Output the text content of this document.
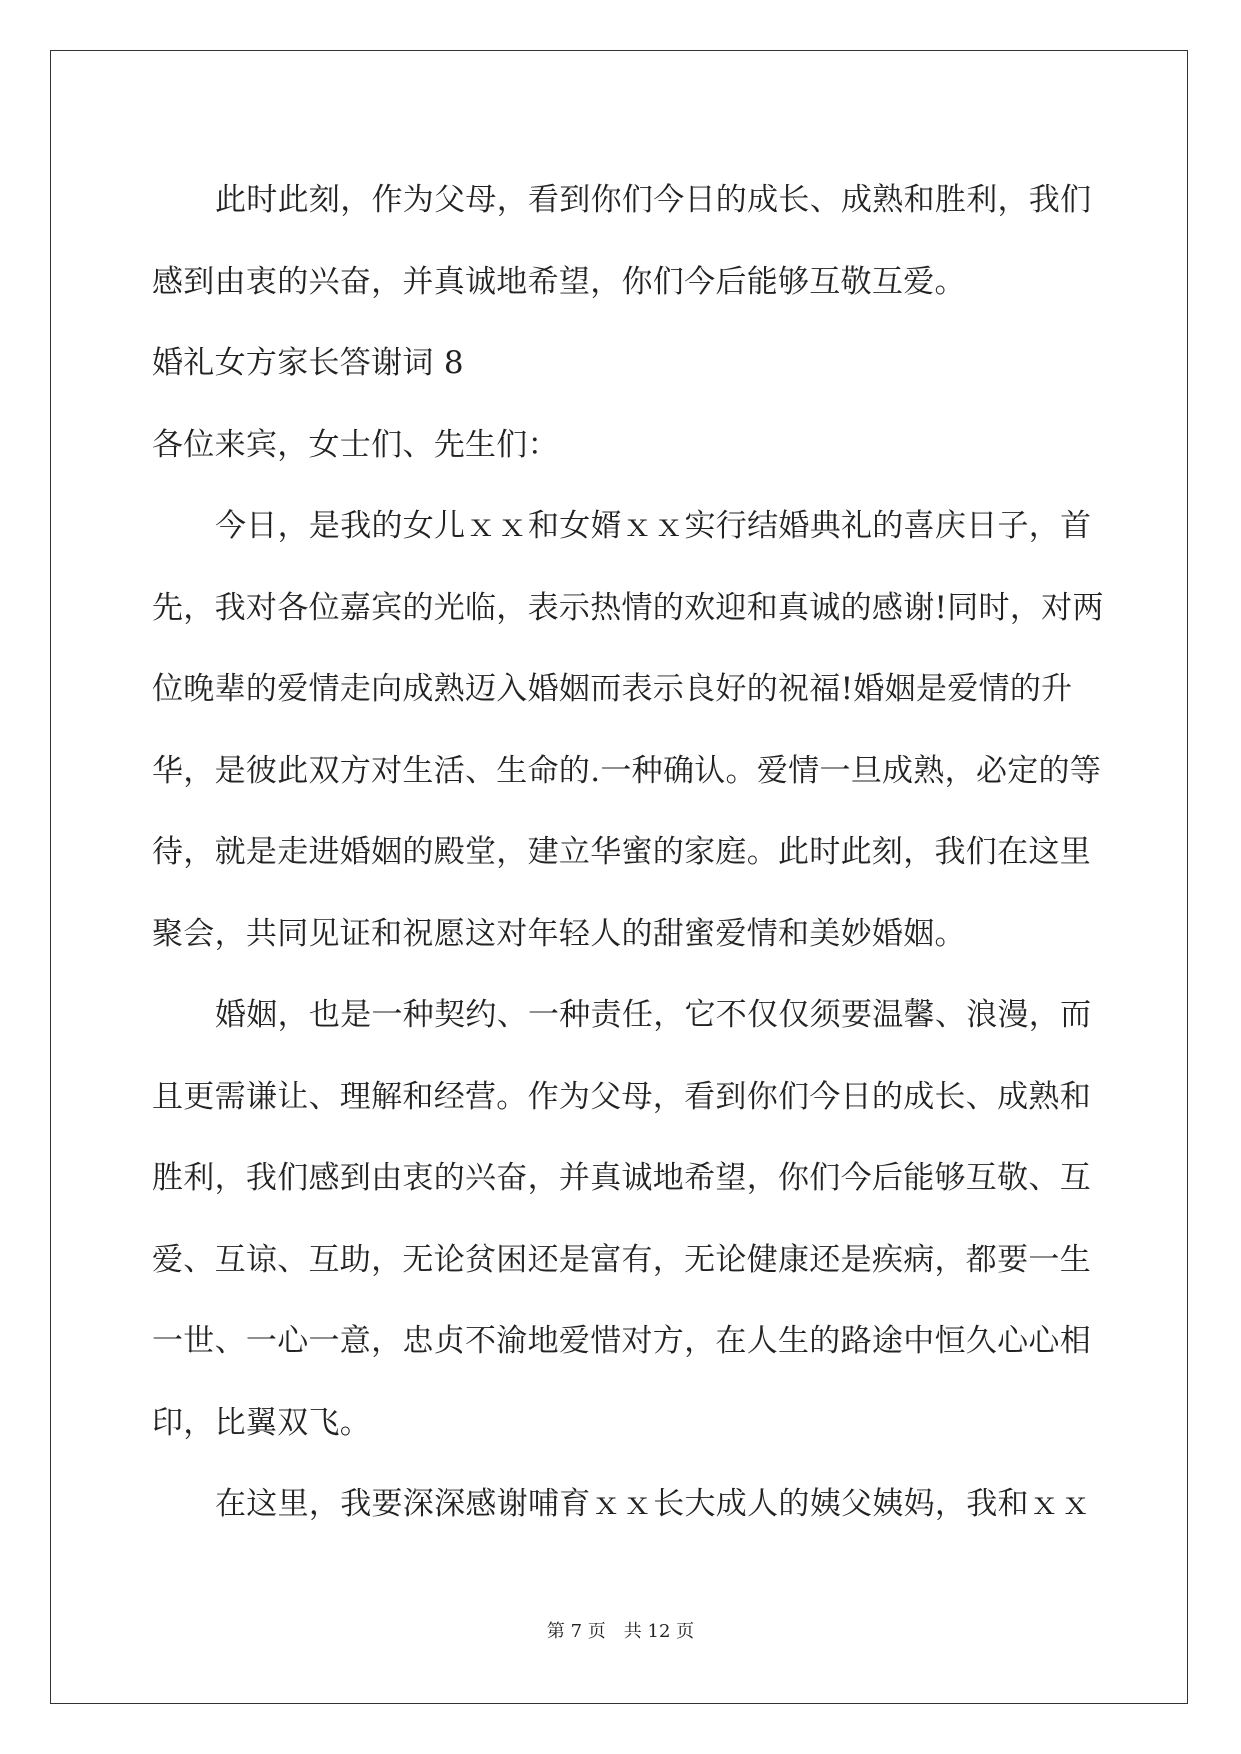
此时此刻，作为父母，看到你们今日的成长、成熟和胜利，我们
感到由衷的兴奋，并真诚地希望，你们今后能够互敬互爱。
婚礼女方家长答谢词 8
各位来宾，女士们、先生们：
今日，是我的女儿ｘｘ和女婿ｘｘ实行结婚典礼的喜庆日子，首
先，我对各位嘉宾的光临，表示热情的欢迎和真诚的感谢!同时，对两
位晚辈的爱情走向成熟迈入婚姻而表示良好的祝福!婚姻是爱情的升
华，是彼此双方对生活、生命的.一种确认。爱情一旦成熟，必定的等
待，就是走进婚姻的殿堂，建立华蜜的家庭。此时此刻，我们在这里
聚会，共同见证和祝愿这对年轻人的甜蜜爱情和美妙婚姻。
婚姻，也是一种契约、一种责任，它不仅仅须要温馨、浪漫，而
且更需谦让、理解和经营。作为父母，看到你们今日的成长、成熟和
胜利，我们感到由衷的兴奋，并真诚地希望，你们今后能够互敬、互
爱、互谅、互助，无论贫困还是富有，无论健康还是疾病，都要一生
一世、一心一意，忠贞不渝地爱惜对方，在人生的路途中恒久心心相
印，比翼双飞。
在这里，我要深深感谢哺育ｘｘ长大成人的姨父姨妈，我和ｘｘ
第 7 页　共 12 页
